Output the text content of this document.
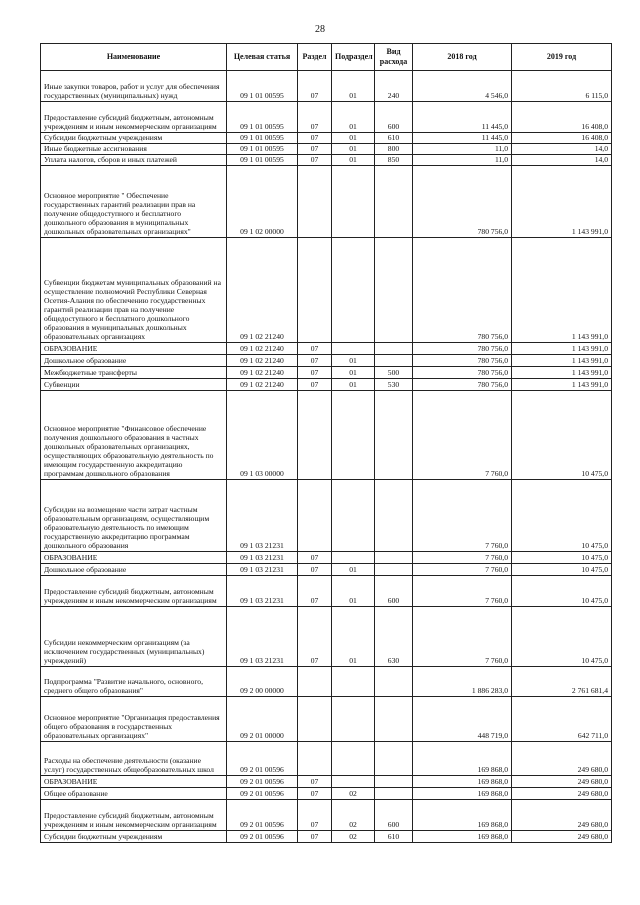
28
Наименование	Целевая статья	Раздел	Подраздел	Вид расхода	2018 год	2019 год
Иные закупки товаров, работ и услуг для обеспечения государственных (муниципальных) нужд	09 1 01 00595	07	01	240	4 546,0	6 115,0
Предоставление субсидий бюджетным, автономным учреждениям и иным некоммерческим организациям	09 1 01 00595	07	01	600	11 445,0	16 408,0
Субсидии бюджетным учреждениям	09 1 01 00595	07	01	610	11 445,0	16 408,0
Иные бюджетные ассигнования	09 1 01 00595	07	01	800	11,0	14,0
Уплата налогов, сборов и иных платежей	09 1 01 00595	07	01	850	11,0	14,0
Основное мероприятие " Обеспечение государственных гарантий реализации прав на получение общедоступного и бесплатного дошкольного образования в муниципальных дошкольных образовательных организациях"	09 1 02 00000				780 756,0	1 143 991,0
Субвенции бюджетам муниципальных образований на осуществление полномочий Республики Северная Осетия-Алания по обеспечению государственных гарантий реализации прав на получение общедоступного и бесплатного дошкольного образования в муниципальных дошкольных образовательных организациях	09 1 02 21240				780 756,0	1 143 991,0
ОБРАЗОВАНИЕ	09 1 02 21240	07			780 756,0	1 143 991,0
Дошкольное образование	09 1 02 21240	07	01		780 756,0	1 143 991,0
Межбюджетные трансферты	09 1 02 21240	07	01	500	780 756,0	1 143 991,0
Субвенции	09 1 02 21240	07	01	530	780 756,0	1 143 991,0
Основное мероприятие "Финансовое обеспечение получения дошкольного образования в частных дошкольных образовательных организациях, осуществляющих образовательную деятельность по имеющим государственную аккредитацию программам дошкольного образования	09 1 03 00000				7 760,0	10 475,0
Субсидии на возмещение части затрат частным образовательным организациям, осуществляющим образовательную деятельность по имеющим государственную аккредитацию программам дошкольного образования	09 1 03 21231				7 760,0	10 475,0
ОБРАЗОВАНИЕ	09 1 03 21231	07			7 760,0	10 475,0
Дошкольное образование	09 1 03 21231	07	01		7 760,0	10 475,0
Предоставление субсидий бюджетным, автономным учреждениям и иным некоммерческим организациям	09 1 03 21231	07	01	600	7 760,0	10 475,0
Субсидии некоммерческим организациям (за исключением государственных (муниципальных) учреждений)	09 1 03 21231	07	01	630	7 760,0	10 475,0
Подпрограмма "Развитие начального, основного, среднего общего образования"	09 2 00 00000				1 886 283,0	2 761 681,4
Основное мероприятие "Организация предоставления общего образования в государственных образовательных организациях"	09 2 01 00000				448 719,0	642 711,0
Расходы на обеспечение деятельности (оказание услуг) государственных общеобразовательных школ	09 2 01 00596				169 868,0	249 680,0
ОБРАЗОВАНИЕ	09 2 01 00596	07			169 868,0	249 680,0
Общее образование	09 2 01 00596	07	02		169 868,0	249 680,0
Предоставление субсидий бюджетным, автономным учреждениям и иным некоммерческим организациям	09 2 01 00596	07	02	600	169 868,0	249 680,0
Субсидии бюджетным учреждениям	09 2 01 00596	07	02	610	169 868,0	249 680,0
